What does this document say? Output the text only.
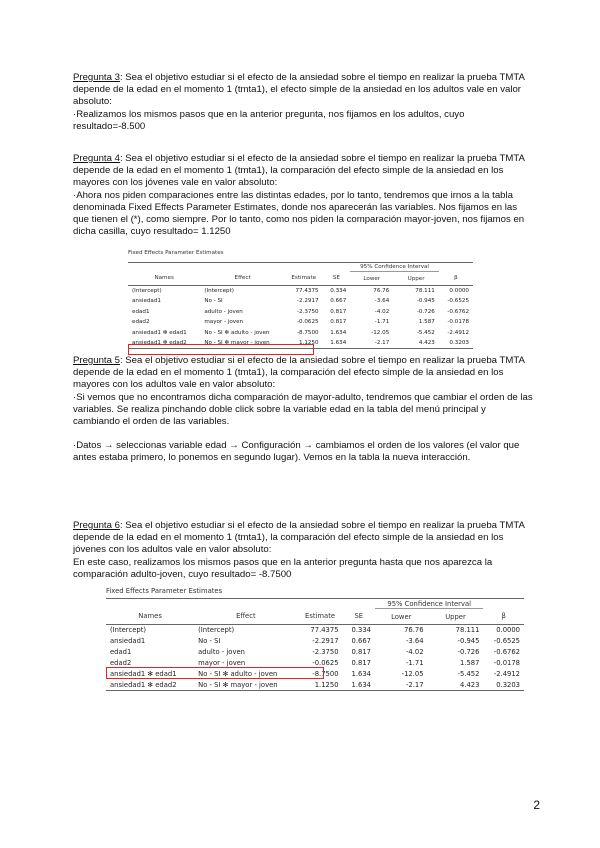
Pregunta 3: Sea el objetivo estudiar si el efecto de la ansiedad sobre el tiempo en realizar la prueba TMTA depende de la edad en el momento 1 (tmta1), el efecto simple de la ansiedad en los adultos vale en valor absoluto:

·Realizamos los mismos pasos que en la anterior pregunta, nos fijamos en los adultos, cuyo resultado=-8.500

Pregunta 4: Sea el objetivo estudiar si el efecto de la ansiedad sobre el tiempo en realizar la prueba TMTA depende de la edad en el momento 1 (tmta1), la comparación del efecto simple de la ansiedad en los mayores con los jóvenes vale en valor absoluto:

·Ahora nos piden comparaciones entre las distintas edades, por lo tanto, tendremos que irnos a la tabla denominada Fixed Effects Parameter Estimates, donde nos aparecerán las variables. Nos fijamos en las que tienen el (*), como siempre. Por lo tanto, como nos piden la comparación mayor-joven, nos fijamos en dicha casilla, cuyo resultado= 1.1250

Fixed Effects Parameter Estimates
				95% Confidence Interval		
Names	Effect	Estimate	SE	Lower	Upper	β
(Intercept)	(Intercept)	77.4375	0.334	76.76	78.111	0.0000
ansiedad1	No - SI	-2.2917	0.667	-3.64	-0.945	-0.6525
edad1	adulto - joven	-2.3750	0.817	-4.02	-0.726	-0.6762
edad2	mayor - joven	-0.0625	0.817	-1.71	1.587	-0.0178
ansiedad1 ✻ edad1	No - SI ✻ adulto - joven	-8.7500	1.634	-12.05	-5.452	-2.4912
ansiedad1 ✻ edad2	No - SI ✻ mayor - joven	1.1250	1.634	-2.17	4.423	0.3203

Pregunta 5: Sea el objetivo estudiar si el efecto de la ansiedad sobre el tiempo en realizar la prueba TMTA depende de la edad en el momento 1 (tmta1), la comparación del efecto simple de la ansiedad en los mayores con los adultos vale en valor absoluto:

·Si vemos que no encontramos dicha comparación de mayor-adulto, tendremos que cambiar el orden de las variables. Se realiza pinchando doble click sobre la variable edad en la tabla del menú principal y cambiando el orden de las variables.

·Datos → seleccionas variable edad → Configuración → cambiamos el orden de los valores (el valor que antes estaba primero, lo ponemos en segundo lugar). Vemos en la tabla la nueva interacción.

Pregunta 6: Sea el objetivo estudiar si el efecto de la ansiedad sobre el tiempo en realizar la prueba TMTA depende de la edad en el momento 1 (tmta1), la comparación del efecto simple de la ansiedad en los jóvenes con los adultos vale en valor absoluto:

En este caso, realizamos los mismos pasos que en la anterior pregunta hasta que nos aparezca la comparación adulto-joven, cuyo resultado= -8.7500

Fixed Effects Parameter Estimates
				95% Confidence Interval		
Names	Effect	Estimate	SE	Lower	Upper	β
(Intercept)	(Intercept)	77.4375	0.334	76.76	78.111	0.0000
ansiedad1	No - SI	-2.2917	0.667	-3.64	-0.945	-0.6525
edad1	adulto - joven	-2.3750	0.817	-4.02	-0.726	-0.6762
edad2	mayor - joven	-0.0625	0.817	-1.71	1.587	-0.0178
ansiedad1 ✻ edad1	No - SI ✻ adulto - joven	-8.7500	1.634	-12.05	-5.452	-2.4912
ansiedad1 ✻ edad2	No - SI ✻ mayor - joven	1.1250	1.634	-2.17	4.423	0.3203
2
